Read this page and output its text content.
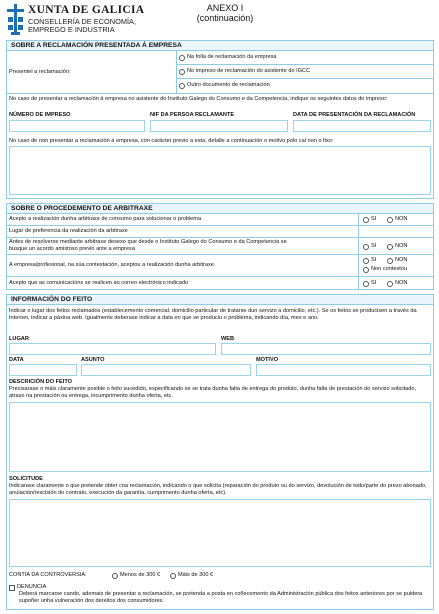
XUNTA DE GALICIA
CONSELLERÍA DE ECONOMÍA,
EMPREGO E INDUSTRIA
ANEXO I
(continuación)
SOBRE A RECLAMACIÓN PRESENTADA Á EMPRESA
Presentel a reclamación:
Na folla de reclamación da empresa
No impreso de reclamación do asistente do IGCC
Outro documento de reclamación
No caso de presentar a reclamación á empresa no asistente do Instituto Galego do Consumo e da Competencia, indique os seguintes datos do impreso:
NÚMERO DE IMPRESO	NIF DA PERSOA RECLAMANTE	DATA DE PRESENTACIÓN DA RECLAMACIÓN
No caso de non presentar a reclamación á empresa, con carácter previo a esta, detalle a continuación o motivo polo cal non o fixo:
SOBRE O PROCEDEMENTO DE ARBITRAXE
Acepto a realización dunha arbitraxe de consumo para solucionar o problema	SI	NON
Lugar de preferencia da realización da arbitraxe
Antes de resolverse mediante arbitraxe desexo que desde o Instituto Galego do Consumo e da Competencia se
busque un acordo amistoso previo ante a empresa	SI	NON
A empresa/profesional, na súa contestación, aceptou a realización dunha arbitraxe
SI	NON
Non contestou
Acepto que as comunicacións se realicen ao correo electrónico indicado	SI	NON
INFORMACIÓN DO FEITO
Indicar o lugar dos feitos reclamados (establecemento comercial, domicilio particular de tratarse dun servizo a domicilio, etc.). Se os feitos se producisen a través da Internet, indicar a páxina web. Igualmente deberase indicar a data en que se produciu o problema, indicando día, mes e ano.
LUGAR	WEB
DATA	ASUNTO	MOTIVO
DESCRICIÓN DO FEITO
Precisarase o máis claramente posible o feito sucedido, especificando se se trata dunha falta de entrega do produto, dunha falta de prestación do servizo solicitado, atraso na prestación ou entrega, incumprimento dunha oferta, etc.
SOLICITUDE
Indicarase claramente o que pretende obter coa reclamación, indicando o que solicita (reparación do produto ou do servizo, devolución de todo/parte do prezo abonado, anulación/rescisión do contrato, execución da garantía, cumprimento dunha oferta, etc).
CONTÍA DA CONTROVERSIA:	Menos de 300 €	Máis de 300 €
DENUNCIA
Deberá marcarse cando, ademais de presentar a reclamación, se pretenda a posta en coñecemento da Administración pública dos feitos anteriores por se puidera supoñer unha vulneración dos dereitos dos consumidores.
